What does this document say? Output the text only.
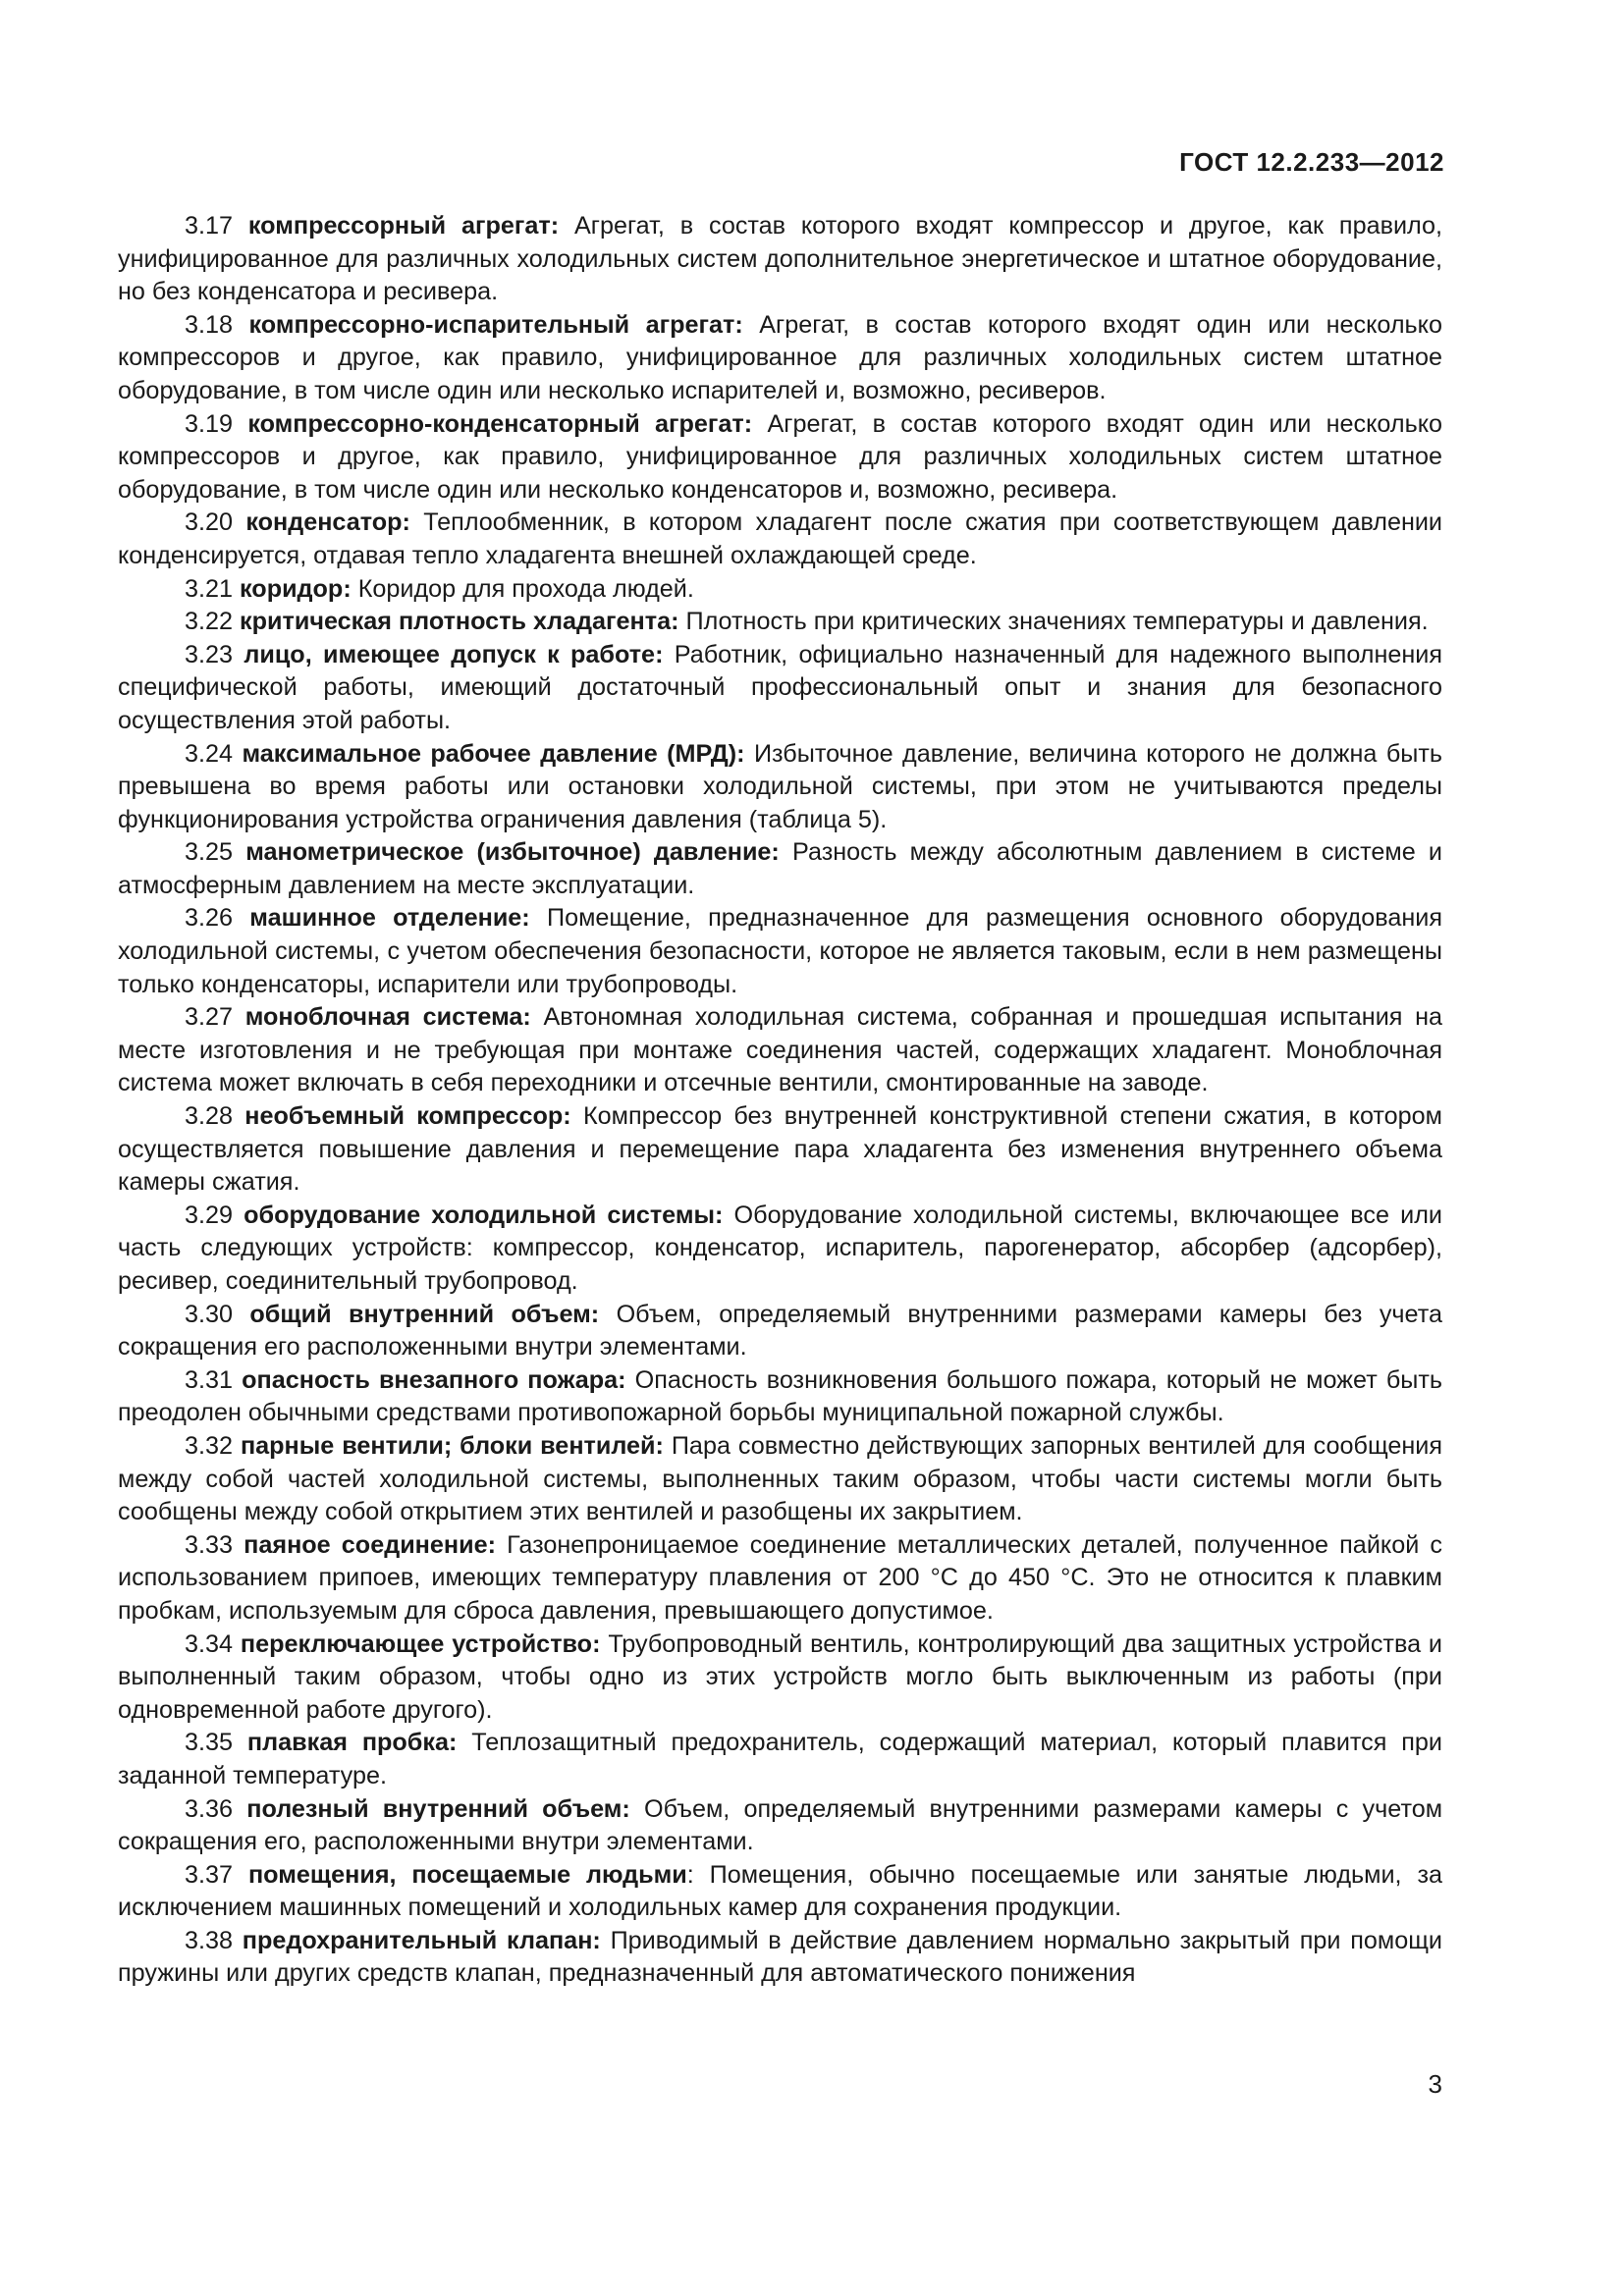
ГОСТ 12.2.233—2012

3.17 компрессорный агрегат: Агрегат, в состав которого входят компрессор и другое, как правило, унифицированное для различных холодильных систем дополнительное энергетическое и штатное оборудование, но без конденсатора и ресивера.

3.18 компрессорно-испарительный агрегат: Агрегат, в состав которого входят один или несколько компрессоров и другое, как правило, унифицированное для различных холодильных систем штатное оборудование, в том числе один или несколько испарителей и, возможно, ресиверов.

3.19 компрессорно-конденсаторный агрегат: Агрегат, в состав которого входят один или несколько компрессоров и другое, как правило, унифицированное для различных холодильных систем штатное оборудование, в том числе один или несколько конденсаторов и, возможно, ресивера.

3.20 конденсатор: Теплообменник, в котором хладагент после сжатия при соответствующем давлении конденсируется, отдавая тепло хладагента внешней охлаждающей среде.

3.21 коридор: Коридор для прохода людей.

3.22 критическая плотность хладагента: Плотность при критических значениях температуры и давления.

3.23 лицо, имеющее допуск к работе: Работник, официально назначенный для надежного выполнения специфической работы, имеющий достаточный профессиональный опыт и знания для безопасного осуществления этой работы.

3.24 максимальное рабочее давление (МРД): Избыточное давление, величина которого не должна быть превышена во время работы или остановки холодильной системы, при этом не учитываются пределы функционирования устройства ограничения давления (таблица 5).

3.25 манометрическое (избыточное) давление: Разность между абсолютным давлением в системе и атмосферным давлением на месте эксплуатации.

3.26 машинное отделение: Помещение, предназначенное для размещения основного оборудования холодильной системы, с учетом обеспечения безопасности, которое не является таковым, если в нем размещены только конденсаторы, испарители или трубопроводы.

3.27 моноблочная система: Автономная холодильная система, собранная и прошедшая испытания на месте изготовления и не требующая при монтаже соединения частей, содержащих хладагент. Моноблочная система может включать в себя переходники и отсечные вентили, смонтированные на заводе.

3.28 необъемный компрессор: Компрессор без внутренней конструктивной степени сжатия, в котором осуществляется повышение давления и перемещение пара хладагента без изменения внутреннего объема камеры сжатия.

3.29 оборудование холодильной системы: Оборудование холодильной системы, включающее все или часть следующих устройств: компрессор, конденсатор, испаритель, парогенератор, абсорбер (адсорбер), ресивер, соединительный трубопровод.

3.30 общий внутренний объем: Объем, определяемый внутренними размерами камеры без учета сокращения его расположенными внутри элементами.

3.31 опасность внезапного пожара: Опасность возникновения большого пожара, который не может быть преодолен обычными средствами противопожарной борьбы муниципальной пожарной службы.

3.32 парные вентили; блоки вентилей: Пара совместно действующих запорных вентилей для сообщения между собой частей холодильной системы, выполненных таким образом, чтобы части системы могли быть сообщены между собой открытием этих вентилей и разобщены их закрытием.

3.33 паяное соединение: Газонепроницаемое соединение металлических деталей, полученное пайкой с использованием припоев, имеющих температуру плавления от 200 °С до 450 °С. Это не относится к плавким пробкам, используемым для сброса давления, превышающего допустимое.

3.34 переключающее устройство: Трубопроводный вентиль, контролирующий два защитных устройства и выполненный таким образом, чтобы одно из этих устройств могло быть выключенным из работы (при одновременной работе другого).

3.35 плавкая пробка: Теплозащитный предохранитель, содержащий материал, который плавится при заданной температуре.

3.36 полезный внутренний объем: Объем, определяемый внутренними размерами камеры с учетом сокращения его, расположенными внутри элементами.

3.37 помещения, посещаемые людьми: Помещения, обычно посещаемые или занятые людьми, за исключением машинных помещений и холодильных камер для сохранения продукции.

3.38 предохранительный клапан: Приводимый в действие давлением нормально закрытый при помощи пружины или других средств клапан, предназначенный для автоматического понижения

3
